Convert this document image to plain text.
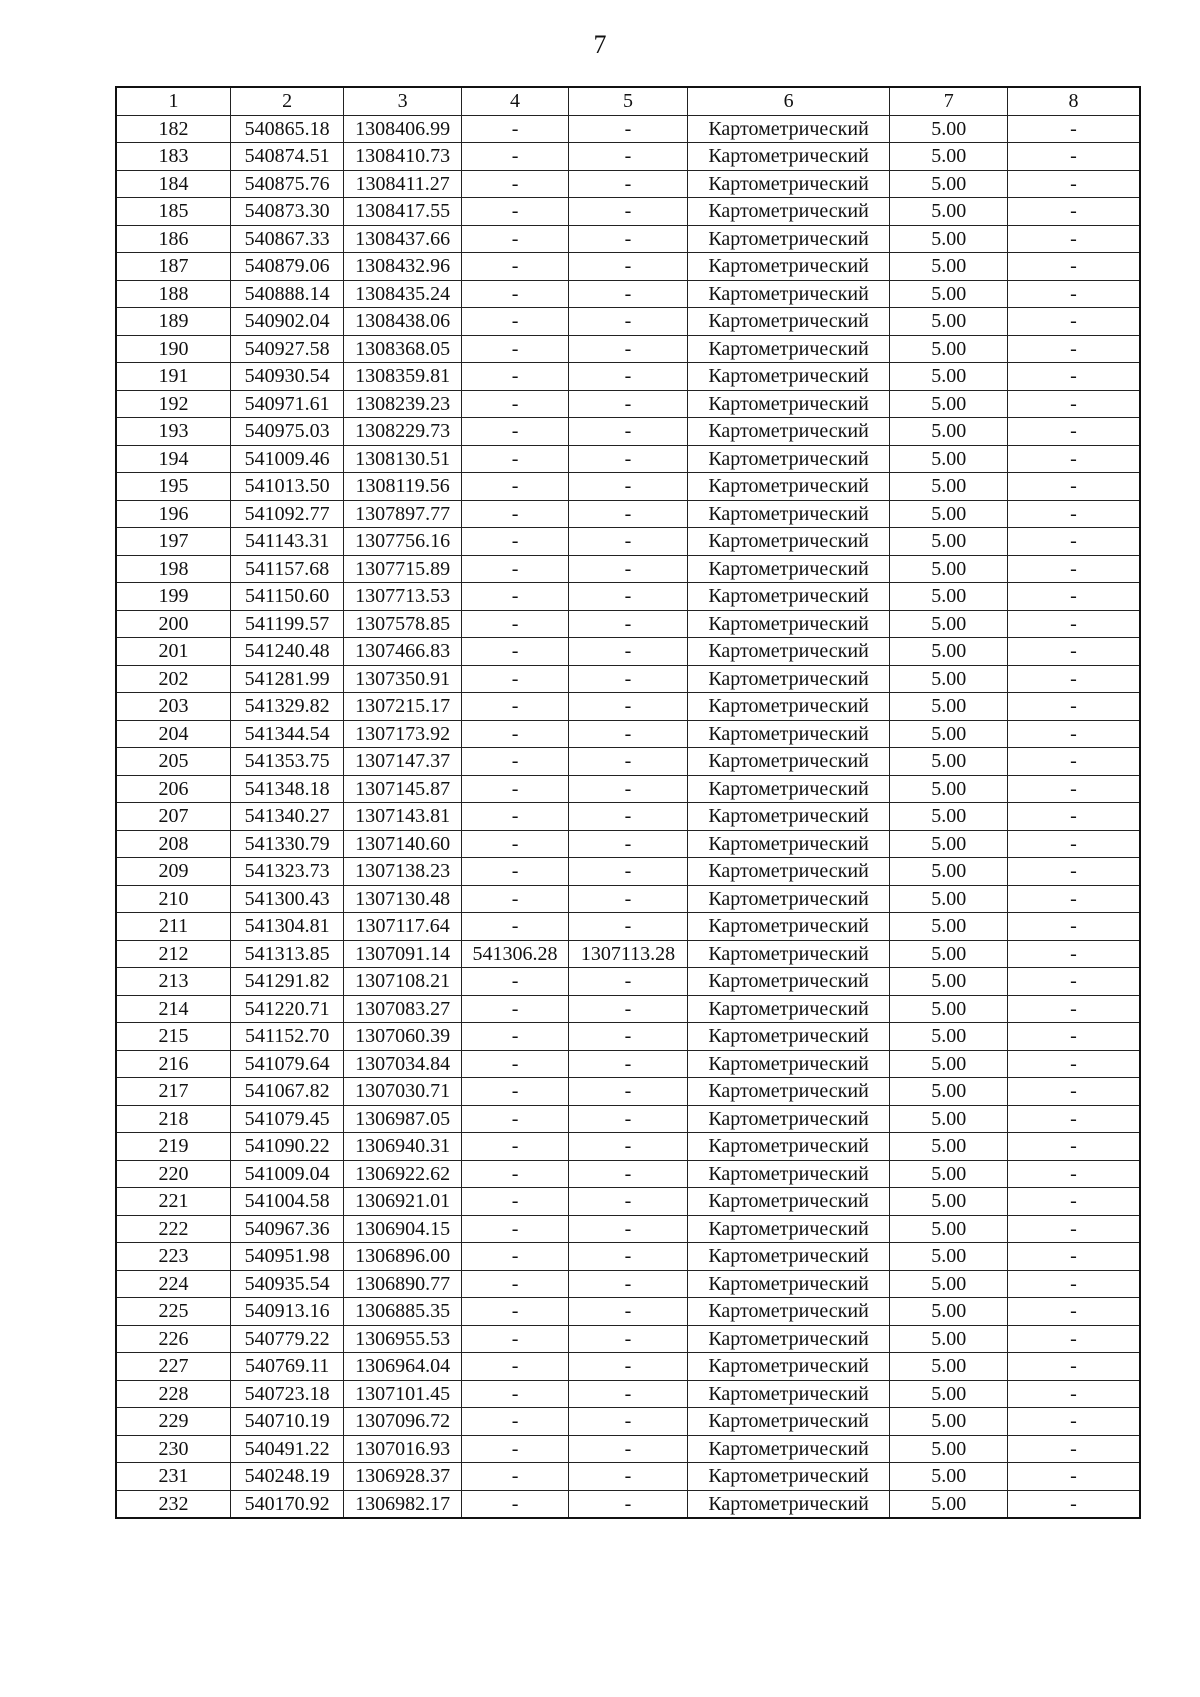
7
1	2	3	4	5	6	7	8
182	540865.18	1308406.99	-	-	Картометрический	5.00	-
183	540874.51	1308410.73	-	-	Картометрический	5.00	-
184	540875.76	1308411.27	-	-	Картометрический	5.00	-
185	540873.30	1308417.55	-	-	Картометрический	5.00	-
186	540867.33	1308437.66	-	-	Картометрический	5.00	-
187	540879.06	1308432.96	-	-	Картометрический	5.00	-
188	540888.14	1308435.24	-	-	Картометрический	5.00	-
189	540902.04	1308438.06	-	-	Картометрический	5.00	-
190	540927.58	1308368.05	-	-	Картометрический	5.00	-
191	540930.54	1308359.81	-	-	Картометрический	5.00	-
192	540971.61	1308239.23	-	-	Картометрический	5.00	-
193	540975.03	1308229.73	-	-	Картометрический	5.00	-
194	541009.46	1308130.51	-	-	Картометрический	5.00	-
195	541013.50	1308119.56	-	-	Картометрический	5.00	-
196	541092.77	1307897.77	-	-	Картометрический	5.00	-
197	541143.31	1307756.16	-	-	Картометрический	5.00	-
198	541157.68	1307715.89	-	-	Картометрический	5.00	-
199	541150.60	1307713.53	-	-	Картометрический	5.00	-
200	541199.57	1307578.85	-	-	Картометрический	5.00	-
201	541240.48	1307466.83	-	-	Картометрический	5.00	-
202	541281.99	1307350.91	-	-	Картометрический	5.00	-
203	541329.82	1307215.17	-	-	Картометрический	5.00	-
204	541344.54	1307173.92	-	-	Картометрический	5.00	-
205	541353.75	1307147.37	-	-	Картометрический	5.00	-
206	541348.18	1307145.87	-	-	Картометрический	5.00	-
207	541340.27	1307143.81	-	-	Картометрический	5.00	-
208	541330.79	1307140.60	-	-	Картометрический	5.00	-
209	541323.73	1307138.23	-	-	Картометрический	5.00	-
210	541300.43	1307130.48	-	-	Картометрический	5.00	-
211	541304.81	1307117.64	-	-	Картометрический	5.00	-
212	541313.85	1307091.14	541306.28	1307113.28	Картометрический	5.00	-
213	541291.82	1307108.21	-	-	Картометрический	5.00	-
214	541220.71	1307083.27	-	-	Картометрический	5.00	-
215	541152.70	1307060.39	-	-	Картометрический	5.00	-
216	541079.64	1307034.84	-	-	Картометрический	5.00	-
217	541067.82	1307030.71	-	-	Картометрический	5.00	-
218	541079.45	1306987.05	-	-	Картометрический	5.00	-
219	541090.22	1306940.31	-	-	Картометрический	5.00	-
220	541009.04	1306922.62	-	-	Картометрический	5.00	-
221	541004.58	1306921.01	-	-	Картометрический	5.00	-
222	540967.36	1306904.15	-	-	Картометрический	5.00	-
223	540951.98	1306896.00	-	-	Картометрический	5.00	-
224	540935.54	1306890.77	-	-	Картометрический	5.00	-
225	540913.16	1306885.35	-	-	Картометрический	5.00	-
226	540779.22	1306955.53	-	-	Картометрический	5.00	-
227	540769.11	1306964.04	-	-	Картометрический	5.00	-
228	540723.18	1307101.45	-	-	Картометрический	5.00	-
229	540710.19	1307096.72	-	-	Картометрический	5.00	-
230	540491.22	1307016.93	-	-	Картометрический	5.00	-
231	540248.19	1306928.37	-	-	Картометрический	5.00	-
232	540170.92	1306982.17	-	-	Картометрический	5.00	-
